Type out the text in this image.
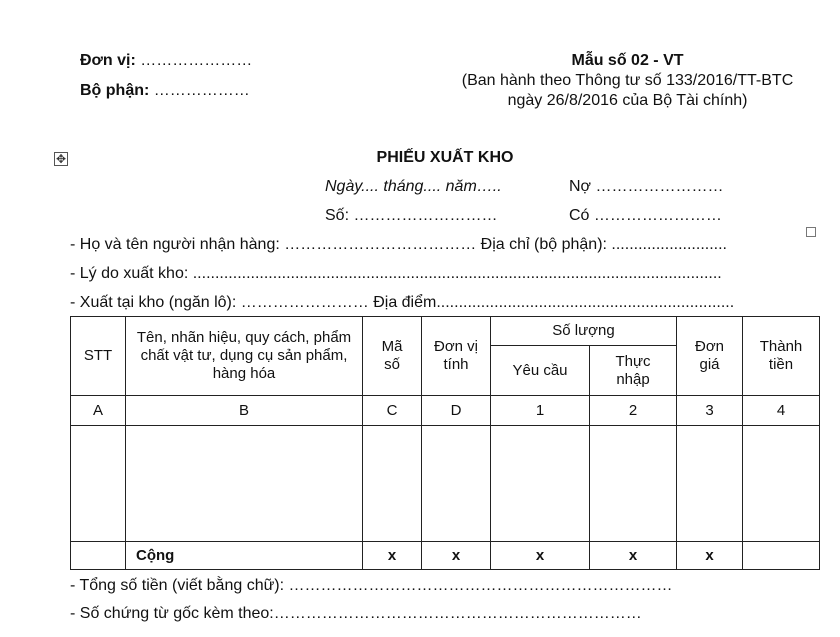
Đơn vị: …………………
Bộ phận: ………………
Mẫu số 02 - VT
(Ban hành theo Thông tư số 133/2016/TT-BTC
ngày 26/8/2016 của Bộ Tài chính)
✥	PHIẾU XUẤT KHO
Ngày.... tháng.... năm…..	Nợ ……………………
Số: ………………………	Có ……………………
- Họ và tên người nhận hàng: ……………………………… Địa chỉ (bộ phận): ..........................
- Lý do xuất kho: .......................................................................................................................
- Xuất tại kho (ngăn lô): …………………… Địa điểm...................................................................
STT	Tên, nhãn hiệu, quy cách, phẩm chất vật tư, dụng cụ sản phẩm, hàng hóa	Mã số	Đơn vị tính	Số lượng		Đơn giá	Thành tiền
				Yêu cầu	Thực nhập		
A	B	C	D	1	2	3	4

	Cộng	x	x	x	x	x	
- Tổng số tiền (viết bằng chữ): ………………………………………………………………
- Số chứng từ gốc kèm theo:……………………………………………………………
